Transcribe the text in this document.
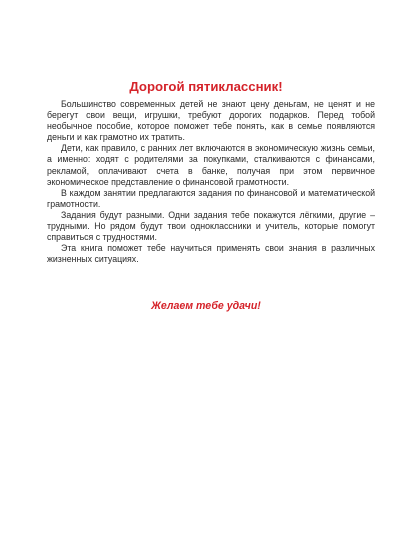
Дорогой пятиклассник!

Большинство современных детей не знают цену деньгам, не ценят и не берегут свои вещи, игрушки, требуют дорогих подарков. Перед тобой необычное пособие, которое поможет тебе понять, как в семье появляются деньги и как грамотно их тратить.

Дети, как правило, с ранних лет включаются в экономическую жизнь семьи, а именно: ходят с родителями за покупками, сталкиваются с финансами, рекламой, оплачивают счета в банке, получая при этом первичное экономическое представление о финансовой грамотности.

В каждом занятии предлагаются задания по финансовой и математической грамотности.

Задания будут разными. Одни задания тебе покажутся лёгкими, другие – трудными. Но рядом будут твои одноклассники и учитель, которые помогут справиться с трудностями.

Эта книга поможет тебе научиться применять свои знания в различных жизненных ситуациях.

Желаем тебе удачи!
